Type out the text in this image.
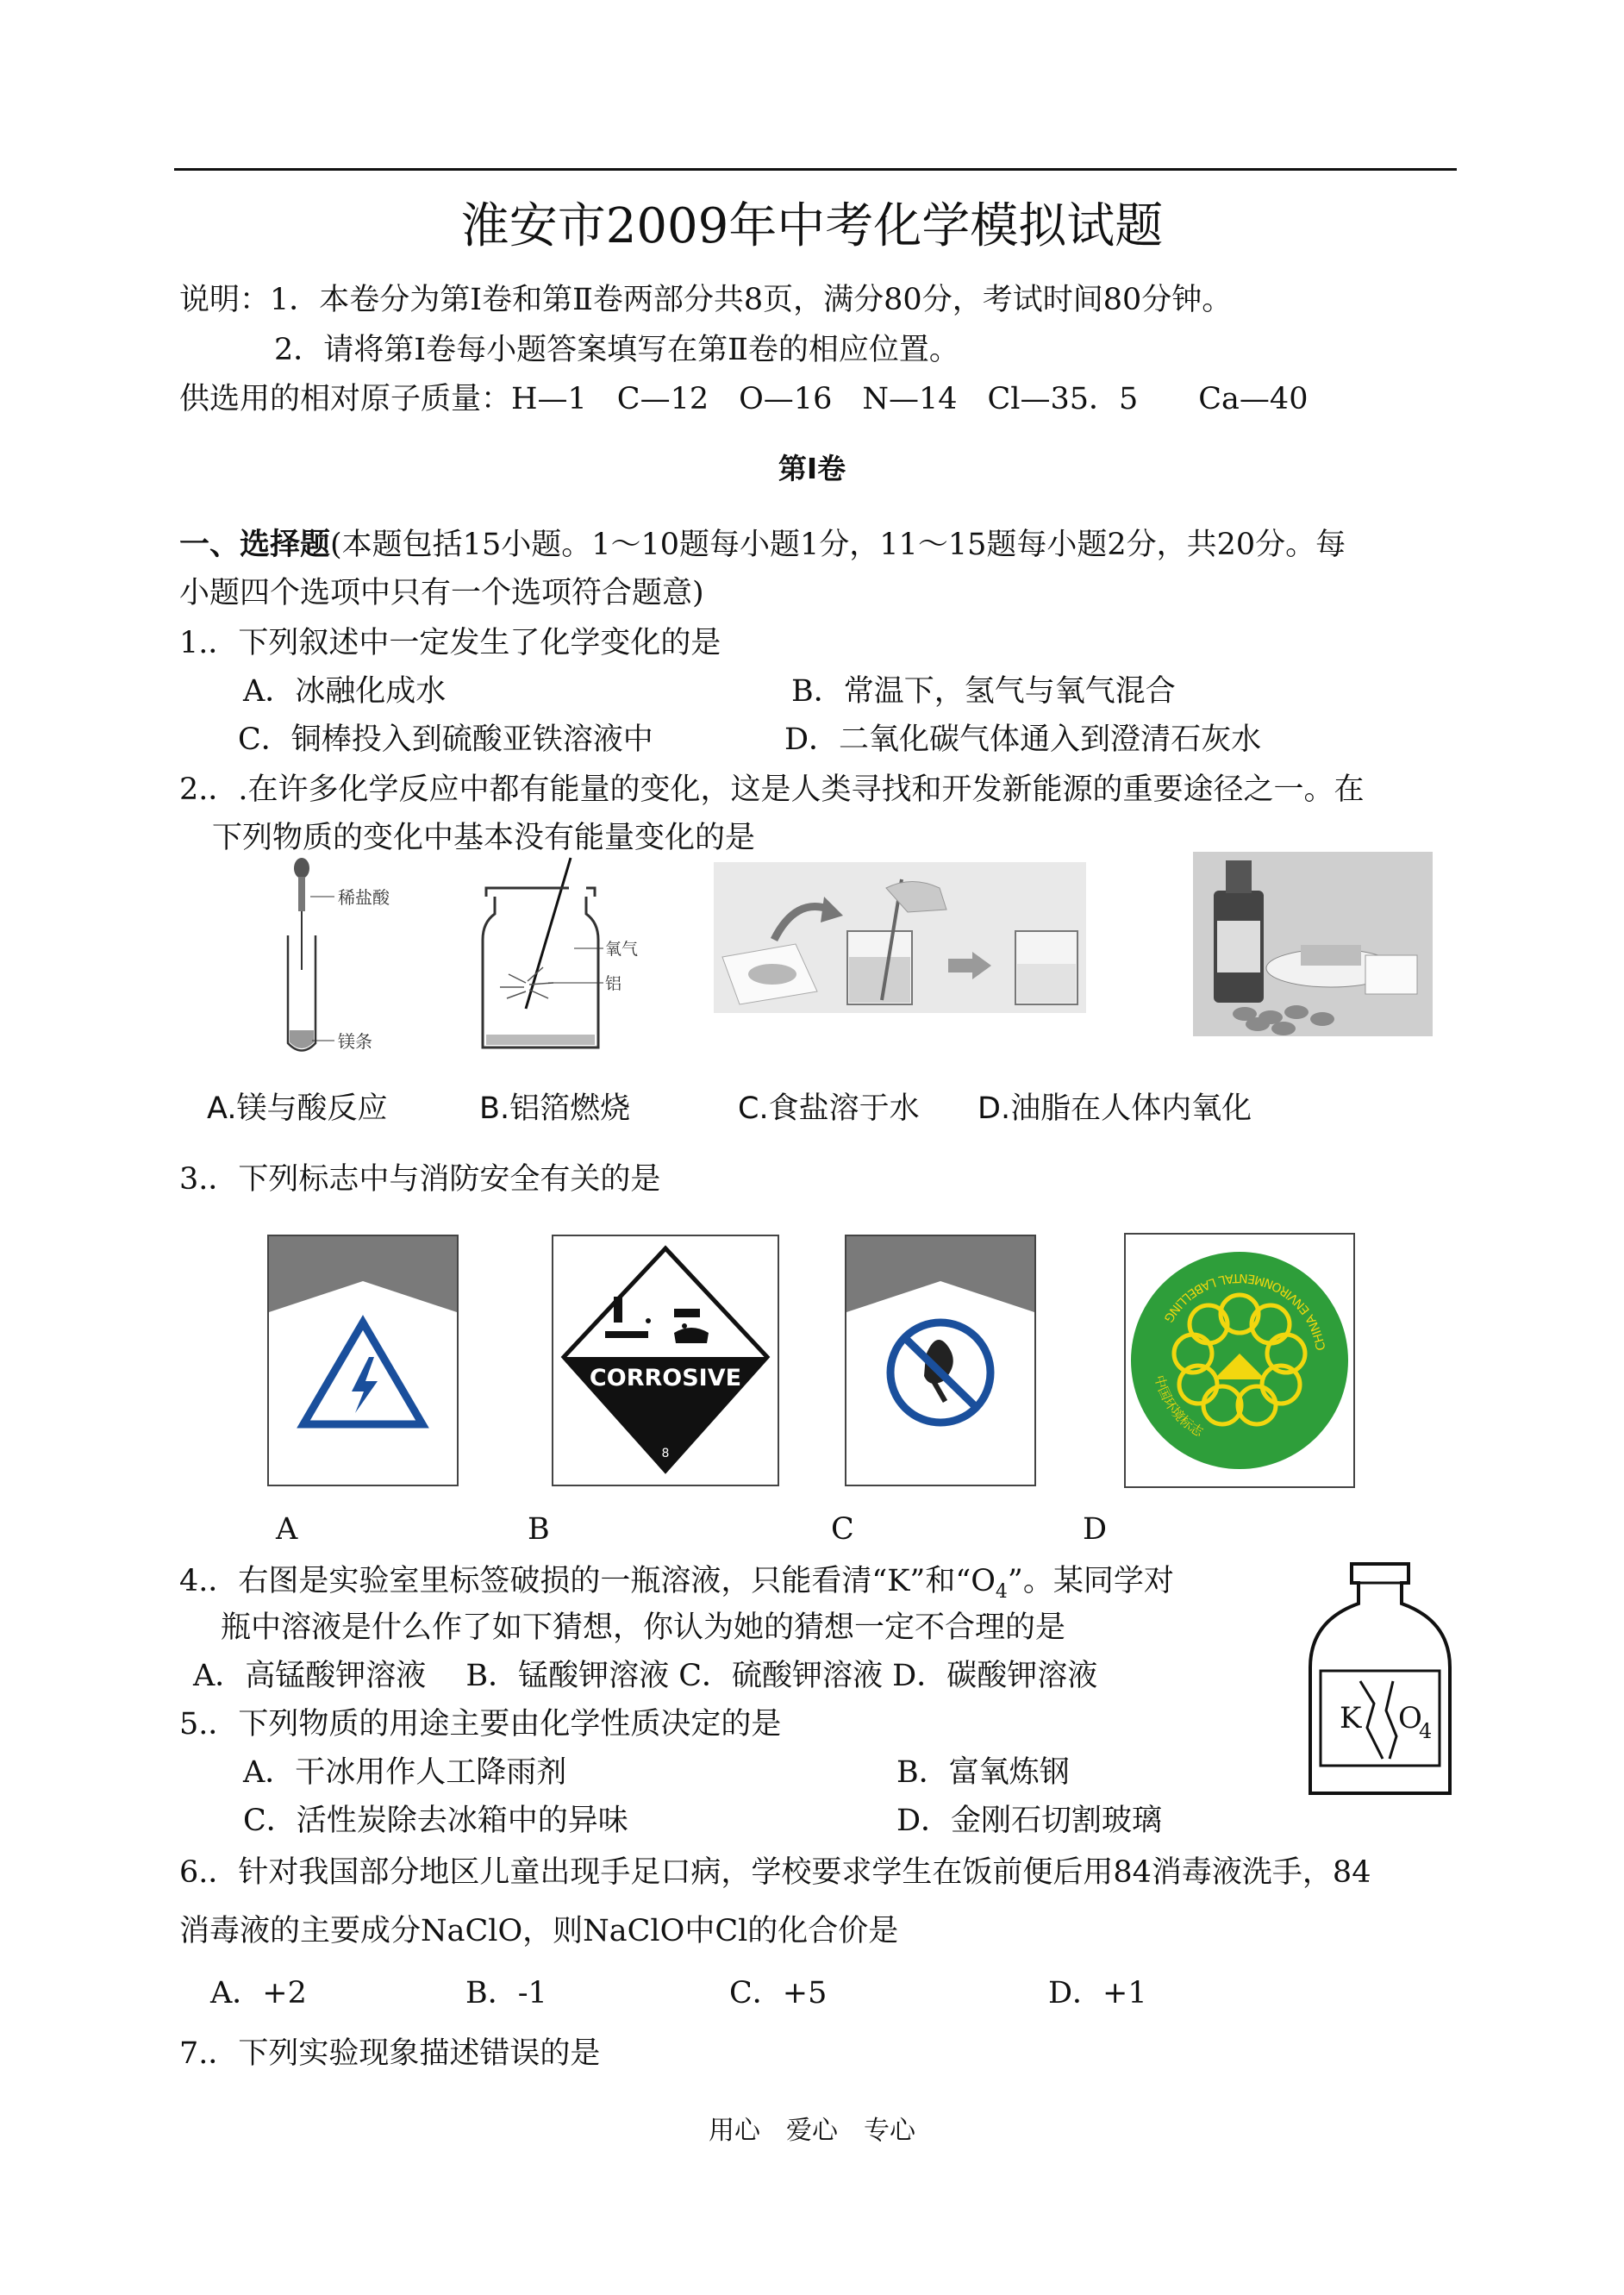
淮安市2009年中考化学模拟试题
说明：1．本卷分为第Ⅰ卷和第Ⅱ卷两部分共8页，满分80分，考试时间80分钟。
2．请将第Ⅰ卷每小题答案填写在第Ⅱ卷的相应位置。
供选用的相对原子质量：H—1　C—12　O—16　N—14　Cl—35．5　　Ca—40
第Ⅰ卷
一、选择题(本题包括15小题。1～10题每小题1分，11～15题每小题2分，共20分。每
小题四个选项中只有一个选项符合题意)
1.．下列叙述中一定发生了化学变化的是
A．冰融化成水	B．常温下，氢气与氧气混合
C．铜棒投入到硫酸亚铁溶液中	D．二氧化碳气体通入到澄清石灰水
2.．.在许多化学反应中都有能量的变化，这是人类寻找和开发新能源的重要途径之一。在
下列物质的变化中基本没有能量变化的是
稀盐酸
镁条
氧气
铝
A.镁与酸反应	B.铝箔燃烧	C.食盐溶于水 D.油脂在人体内氧化
3.．下列标志中与消防安全有关的是
CORROSIVE
8
中国环境标志
CHINA ENVIRONMENTAL LABELLING
A	B	C	D
4.．右图是实验室里标签破损的一瓶溶液，只能看清“K”和“$O_4$”。某同学对
瓶中溶液是什么作了如下猜想，你认为她的猜想一定不合理的是
A．高锰酸钾溶液　 B．锰酸钾溶液 C．硫酸钾溶液 D．碳酸钾溶液
K O
4
5.．下列物质的用途主要由化学性质决定的是
A．干冰用作人工降雨剂	B．富氧炼钢
C．活性炭除去冰箱中的异味	D．金刚石切割玻璃
6.．针对我国部分地区儿童出现手足口病，学校要求学生在饭前便后用84消毒液洗手，84
消毒液的主要成分NaClO，则NaClO中Cl的化合价是
A．+2	B．-1	C．+5	D．+1
7.．下列实验现象描述错误的是
用心　爱心　专心
